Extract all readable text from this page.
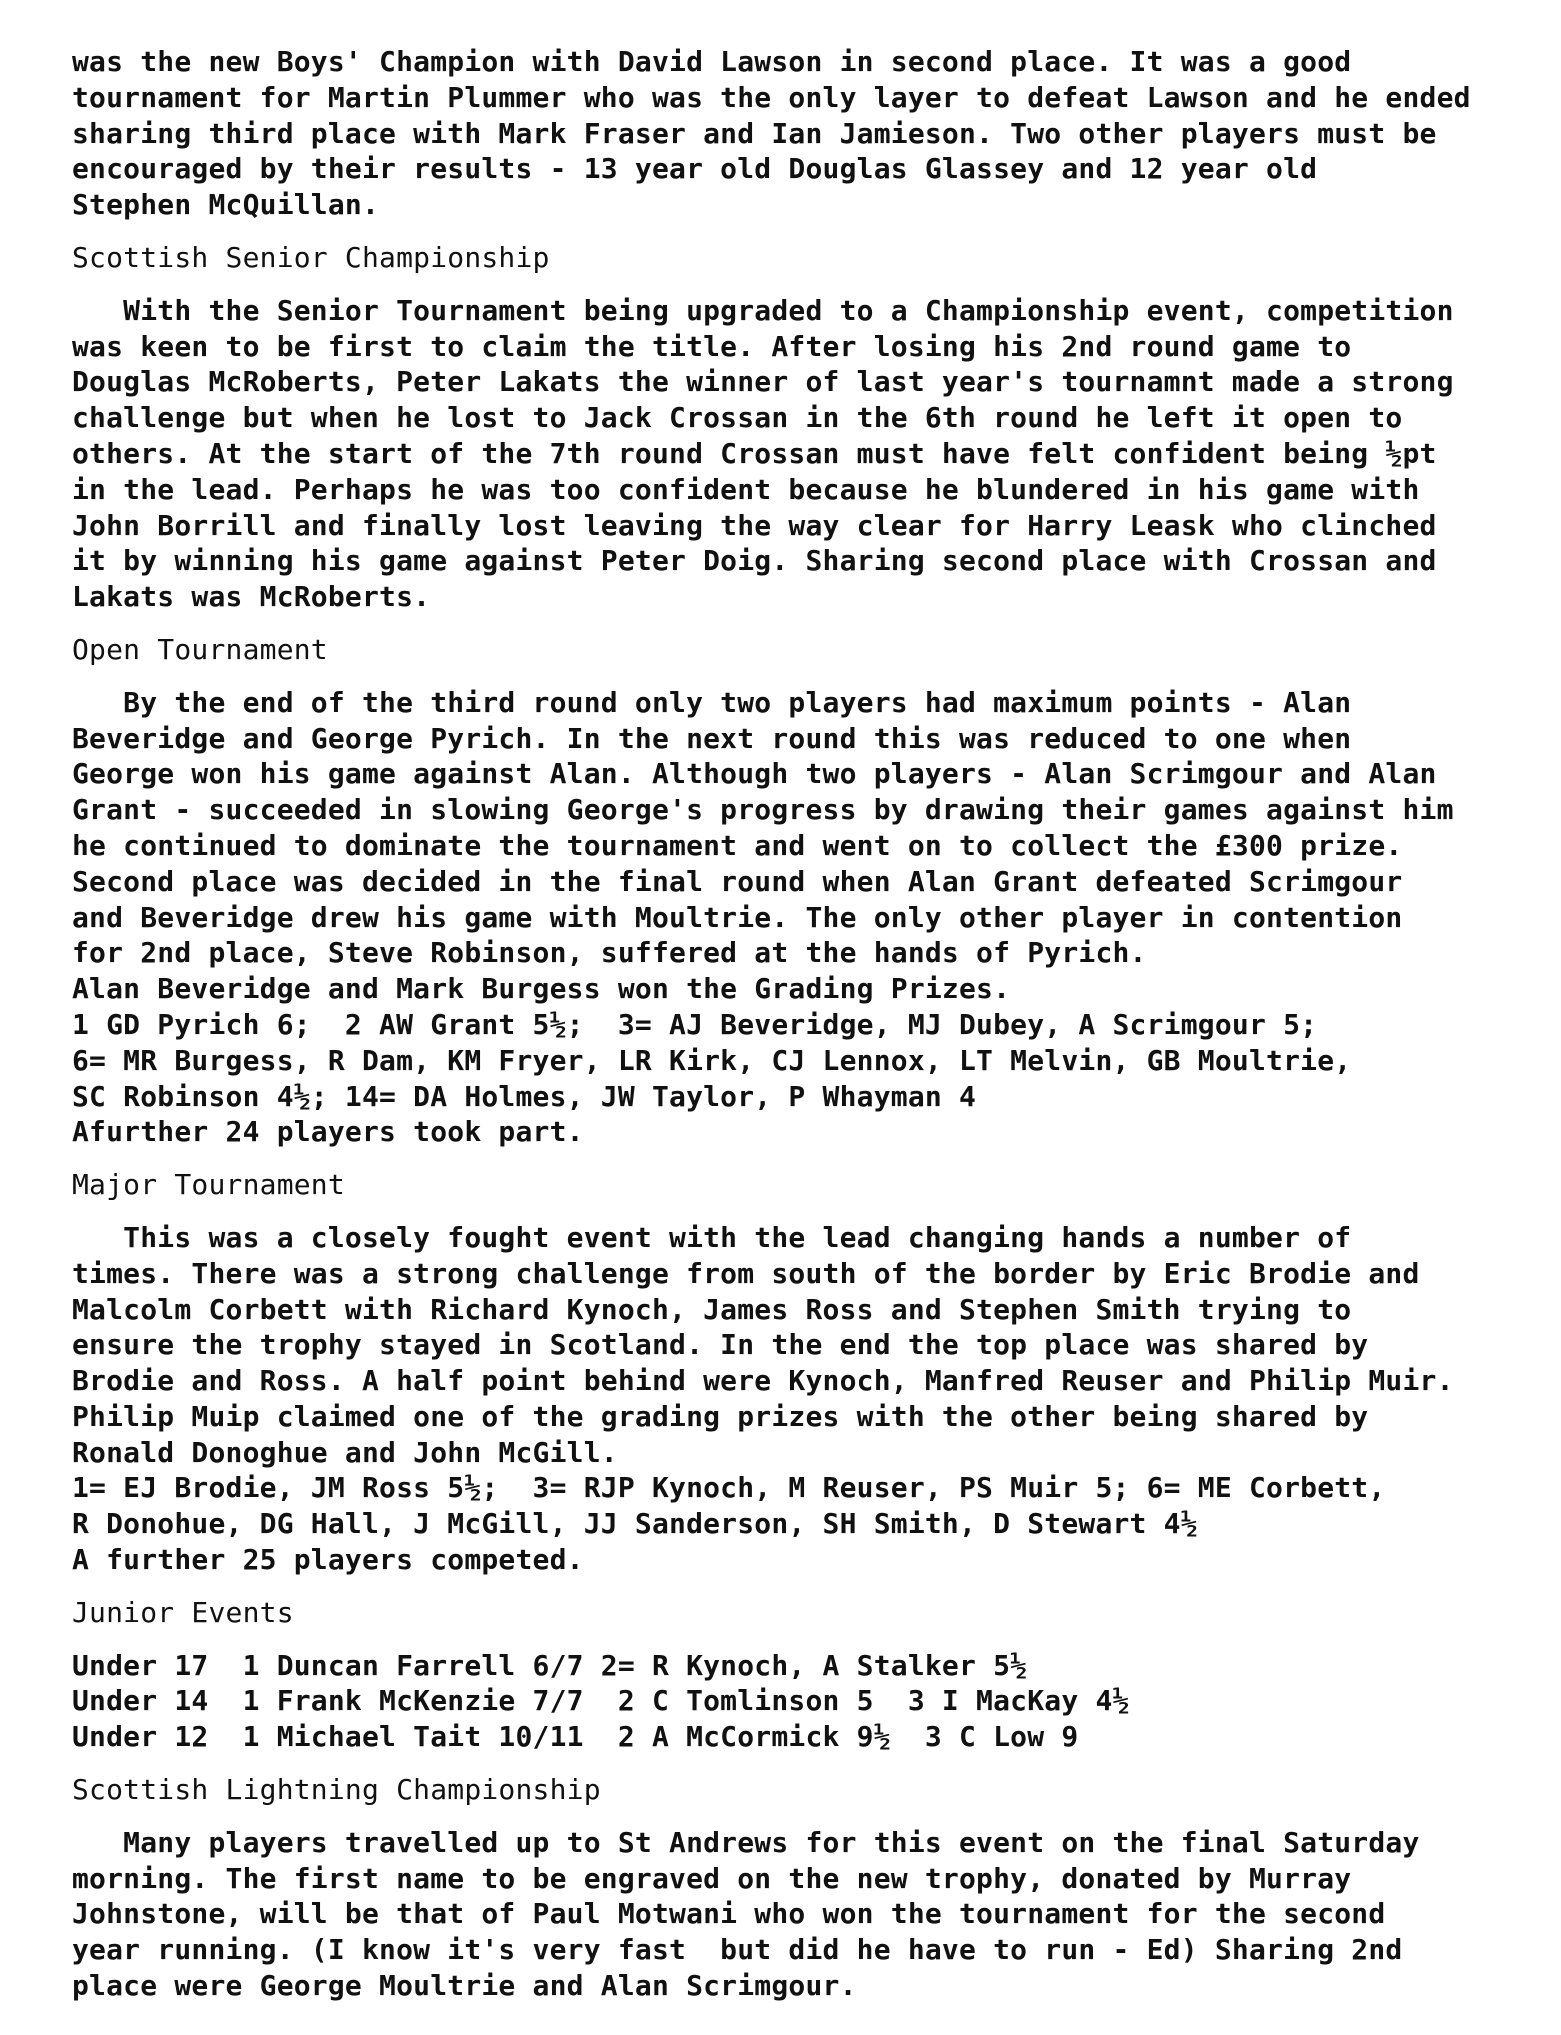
was the new Boys' Champion with David Lawson in second place. It was a good
tournament for Martin Plummer who was the only layer to defeat Lawson and he ended
sharing third place with Mark Fraser and Ian Jamieson. Two other players must be
encouraged by their results - 13 year old Douglas Glassey and 12 year old
Stephen McQuillan.
Scottish Senior Championship
With the Senior Tournament being upgraded to a Championship event, competition
was keen to be first to claim the title. After losing his 2nd round game to
Douglas McRoberts, Peter Lakats the winner of last year's tournamnt made a strong
challenge but when he lost to Jack Crossan in the 6th round he left it open to
others. At the start of the 7th round Crossan must have felt confident being ½pt
in the lead. Perhaps he was too confident because he blundered in his game with
John Borrill and finally lost leaving the way clear for Harry Leask who clinched
it by winning his game against Peter Doig. Sharing second place with Crossan and
Lakats was McRoberts.
Open Tournament
By the end of the third round only two players had maximum points - Alan
Beveridge and George Pyrich. In the next round this was reduced to one when
George won his game against Alan. Although two players - Alan Scrimgour and Alan
Grant - succeeded in slowing George's progress by drawing their games against him
he continued to dominate the tournament and went on to collect the £300 prize.
Second place was decided in the final round when Alan Grant defeated Scrimgour
and Beveridge drew his game with Moultrie. The only other player in contention
for 2nd place, Steve Robinson, suffered at the hands of Pyrich.
Alan Beveridge and Mark Burgess won the Grading Prizes.
1 GD Pyrich 6;  2 AW Grant 5½;  3= AJ Beveridge, MJ Dubey, A Scrimgour 5;
6= MR Burgess, R Dam, KM Fryer, LR Kirk, CJ Lennox, LT Melvin, GB Moultrie,
SC Robinson 4½; 14= DA Holmes, JW Taylor, P Whayman 4
Afurther 24 players took part.
Major Tournament
This was a closely fought event with the lead changing hands a number of
times. There was a strong challenge from south of the border by Eric Brodie and
Malcolm Corbett with Richard Kynoch, James Ross and Stephen Smith trying to
ensure the trophy stayed in Scotland. In the end the top place was shared by
Brodie and Ross. A half point behind were Kynoch, Manfred Reuser and Philip Muir.
Philip Muip claimed one of the grading prizes with the other being shared by
Ronald Donoghue and John McGill.
1= EJ Brodie, JM Ross 5½;  3= RJP Kynoch, M Reuser, PS Muir 5; 6= ME Corbett,
R Donohue, DG Hall, J McGill, JJ Sanderson, SH Smith, D Stewart 4½
A further 25 players competed.
Junior Events
Under 17  1 Duncan Farrell 6/7 2= R Kynoch, A Stalker 5½
Under 14  1 Frank McKenzie 7/7  2 C Tomlinson 5  3 I MacKay 4½
Under 12  1 Michael Tait 10/11  2 A McCormick 9½  3 C Low 9
Scottish Lightning Championship
Many players travelled up to St Andrews for this event on the final Saturday
morning. The first name to be engraved on the new trophy, donated by Murray
Johnstone, will be that of Paul Motwani who won the tournament for the second
year running. (I know it's very fast  but did he have to run - Ed) Sharing 2nd
place were George Moultrie and Alan Scrimgour.
